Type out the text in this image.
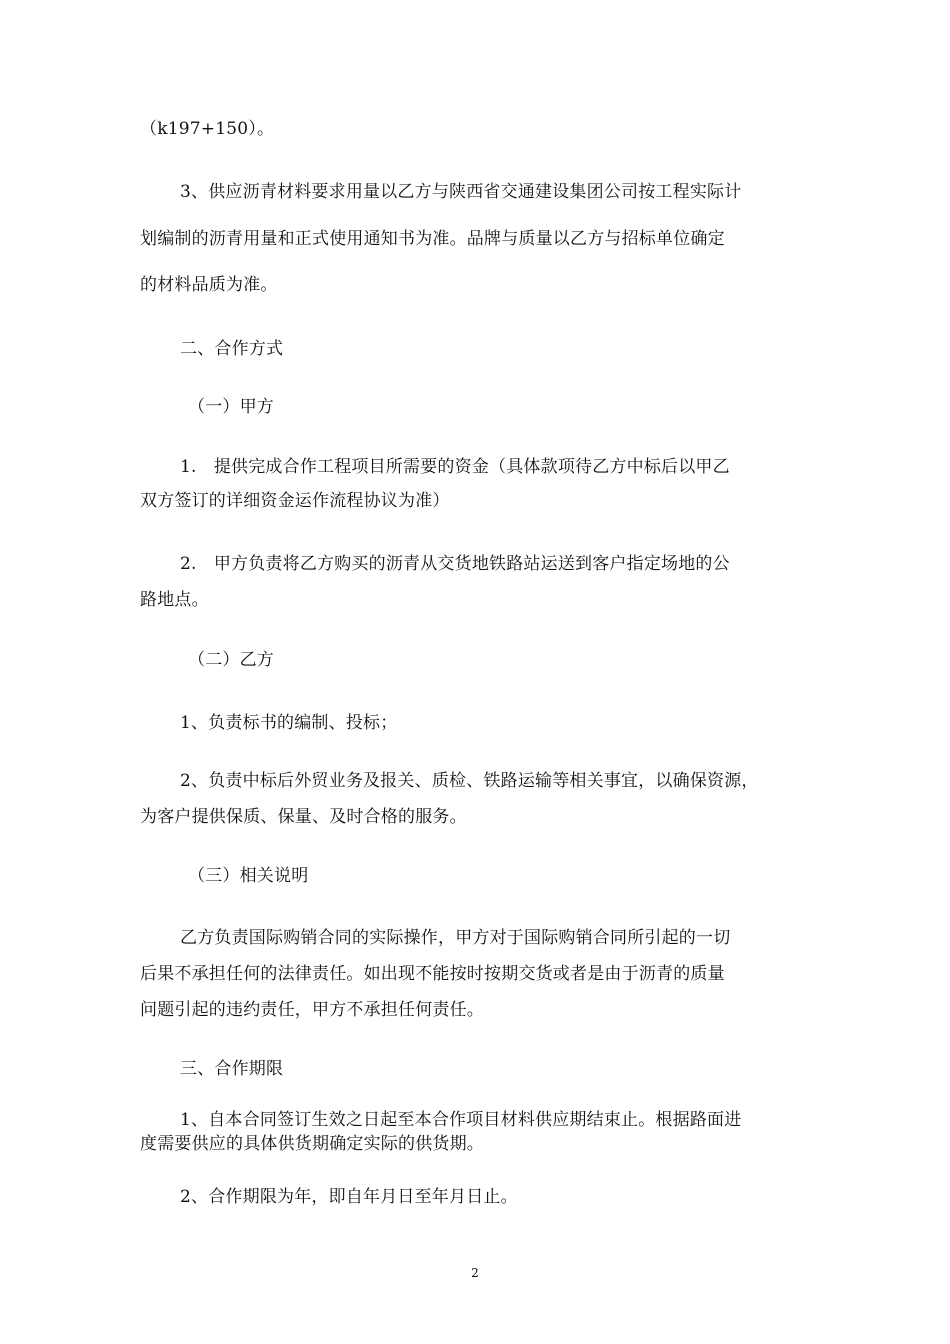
（k197+150）。
3、供应沥青材料要求用量以乙方与陕西省交通建设集团公司按工程实际计
划编制的沥青用量和正式使用通知书为准。品牌与质量以乙方与招标单位确定
的材料品质为准。
二、合作方式
（一）甲方
1.　提供完成合作工程项目所需要的资金（具体款项待乙方中标后以甲乙
双方签订的详细资金运作流程协议为准）
2.　甲方负责将乙方购买的沥青从交货地铁路站运送到客户指定场地的公
路地点。
（二）乙方
1、负责标书的编制、投标；
2、负责中标后外贸业务及报关、质检、铁路运输等相关事宜，以确保资源，
为客户提供保质、保量、及时合格的服务。
（三）相关说明
乙方负责国际购销合同的实际操作，甲方对于国际购销合同所引起的一切
后果不承担任何的法律责任。如出现不能按时按期交货或者是由于沥青的质量
问题引起的违约责任，甲方不承担任何责任。
三、合作期限
1、自本合同签订生效之日起至本合作项目材料供应期结束止。根据路面进
度需要供应的具体供货期确定实际的供货期。
2、合作期限为年，即自年月日至年月日止。
2
